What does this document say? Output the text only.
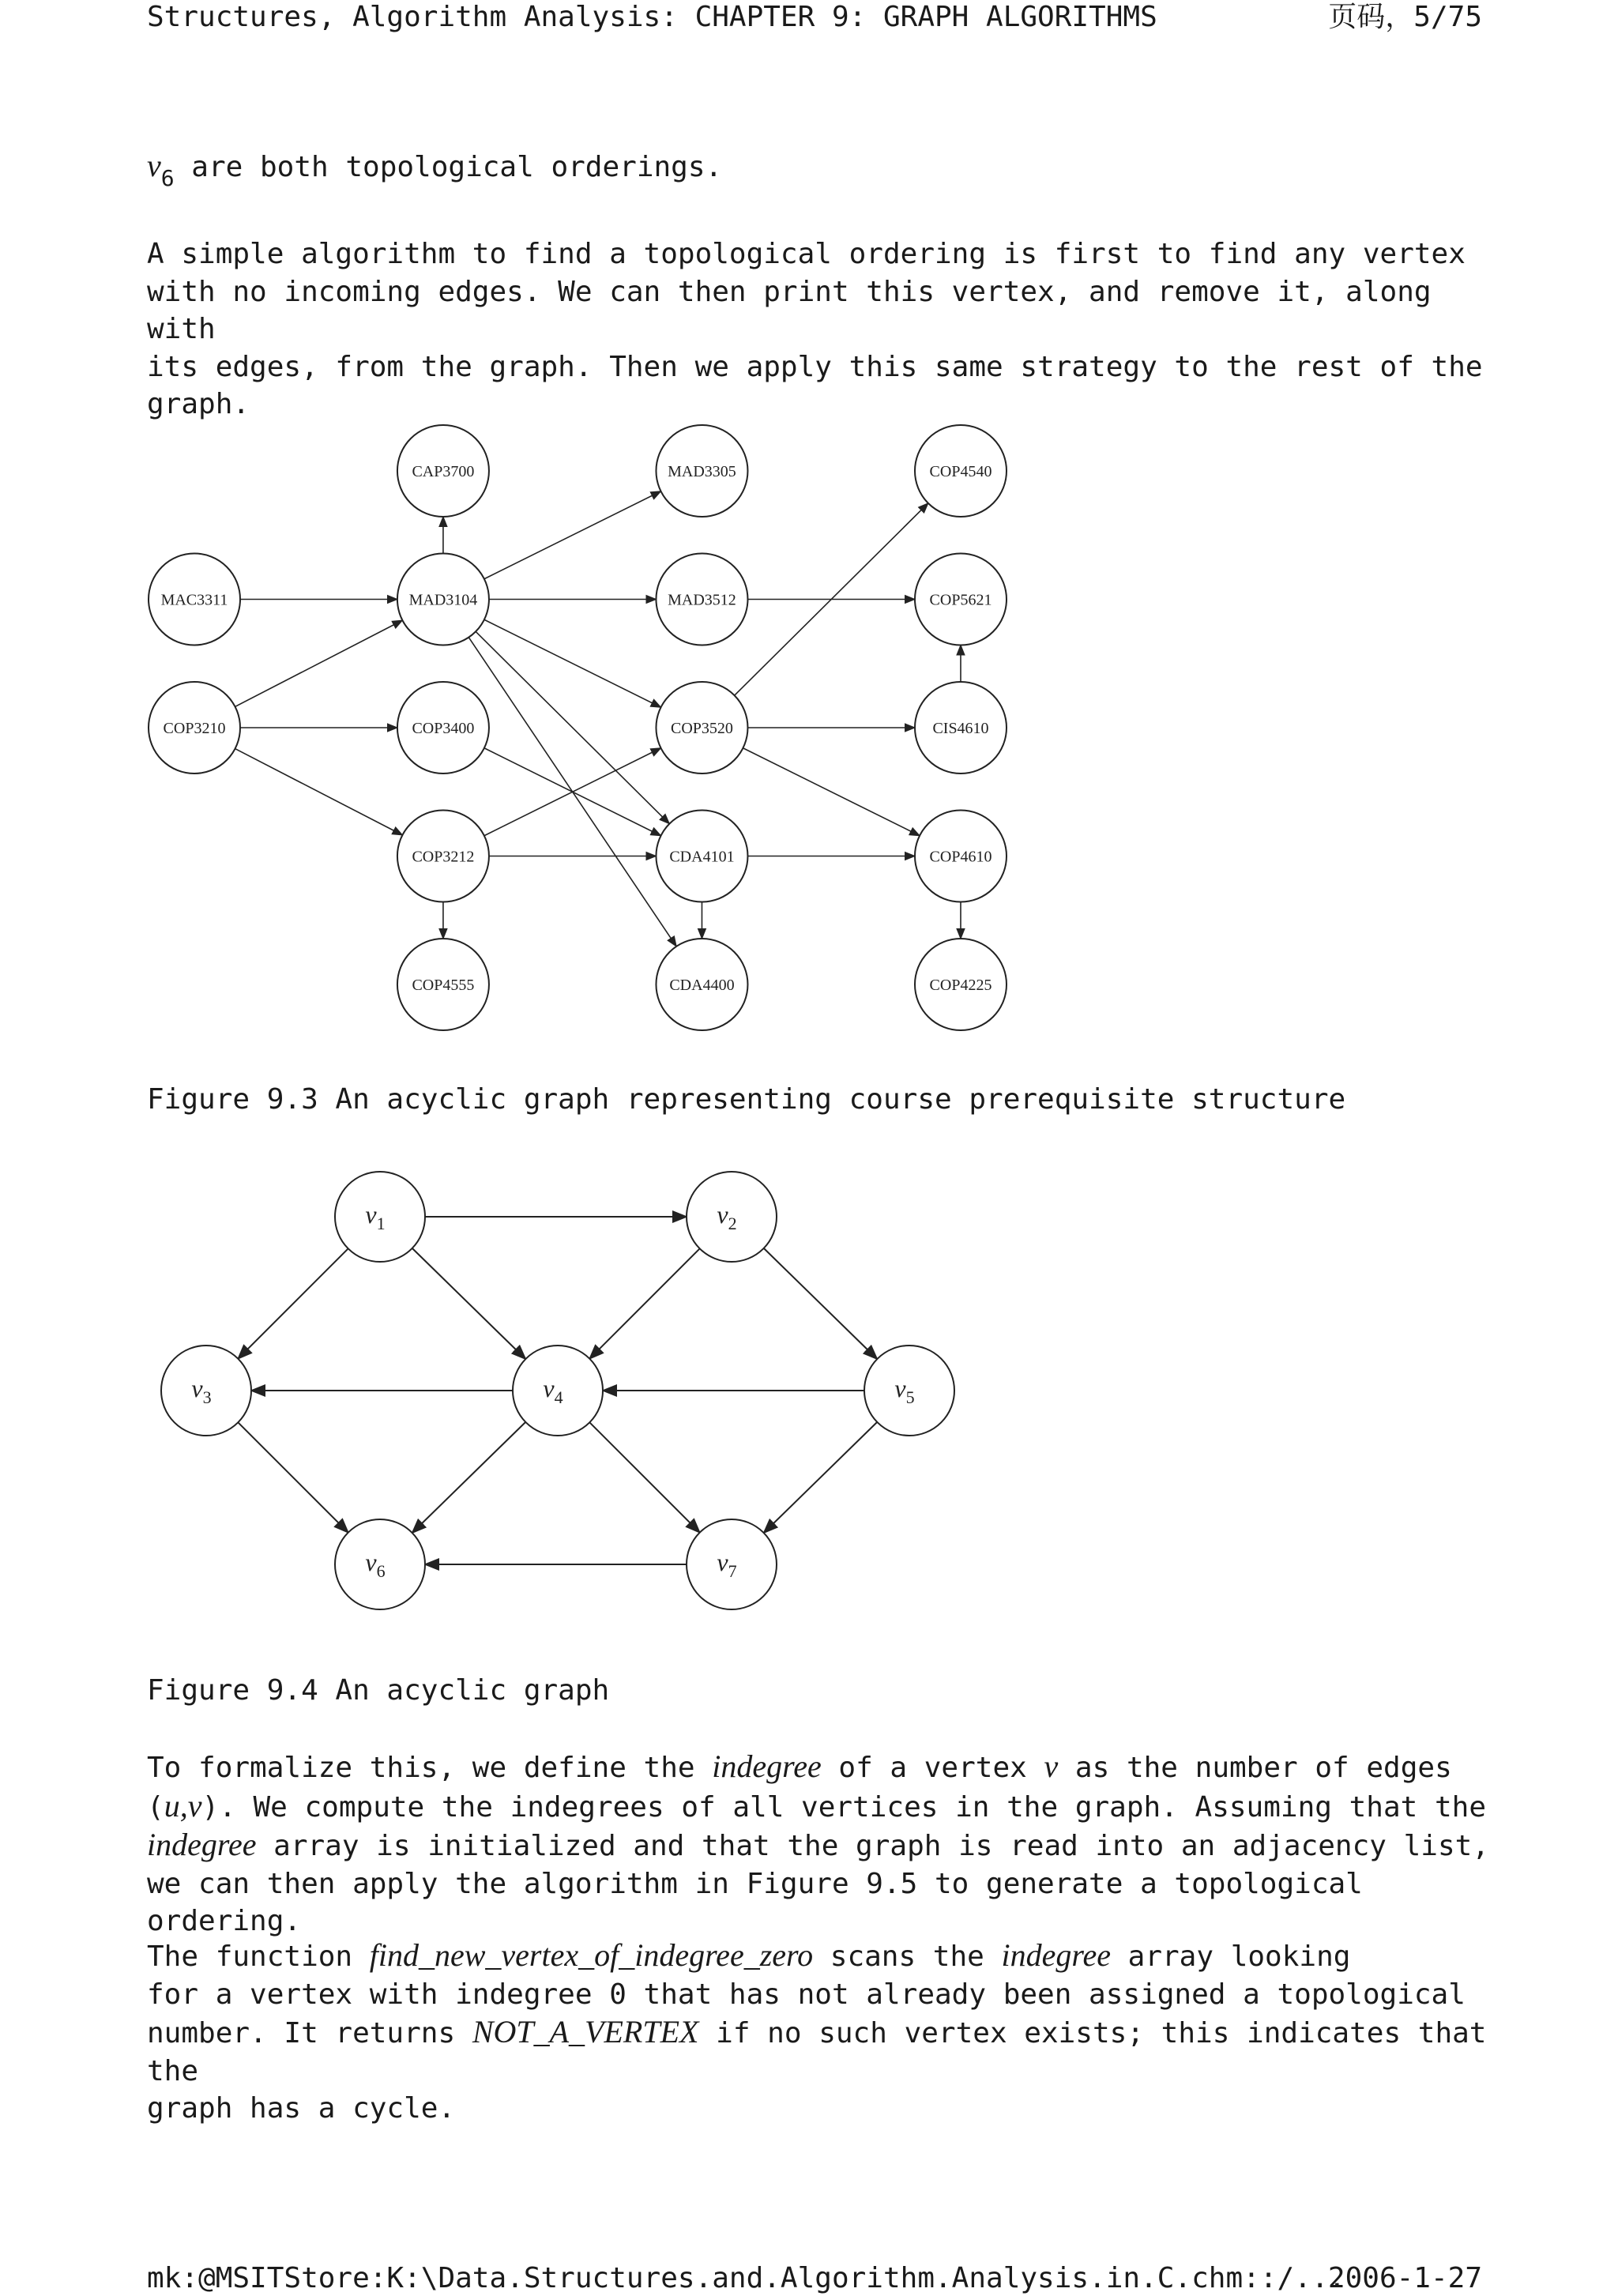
Structures, Algorithm Analysis: CHAPTER 9: GRAPH ALGORITHMS	页码，5/75
$v_6$ are both topological orderings.

A simple algorithm to find a topological ordering is first to find any vertex
with no incoming edges. We can then print this vertex, and remove it, along with
its edges, from the graph. Then we apply this same strategy to the rest of the
graph.

CAP3700	MAD3305	COP4540
MAC3311	MAD3104	MAD3512	COP5621
COP3210	COP3400	COP3520	CIS4610
COP3212	CDA4101	COP4610
COP4555	CDA4400	COP4225
Figure 9.3 An acyclic graph representing course prerequisite structure
$v_1$	$v_2$
$v_3$	$v_4$	$v_5$
$v_6$	$v_7$
Figure 9.4 An acyclic graph

To formalize this, we define the indegree of a vertex v as the number of edges
(u,v). We compute the indegrees of all vertices in the graph. Assuming that the
indegree array is initialized and that the graph is read into an adjacency list,
we can then apply the algorithm in Figure 9.5 to generate a topological ordering.

The function find_new_vertex_of_indegree_zero scans the indegree array looking
for a vertex with indegree 0 that has not already been assigned a topological
number. It returns NOT_A_VERTEX if no such vertex exists; this indicates that the
graph has a cycle.

mk:@MSITStore:K:\Data.Structures.and.Algorithm.Analysis.in.C.chm::/...
2006-1-27
